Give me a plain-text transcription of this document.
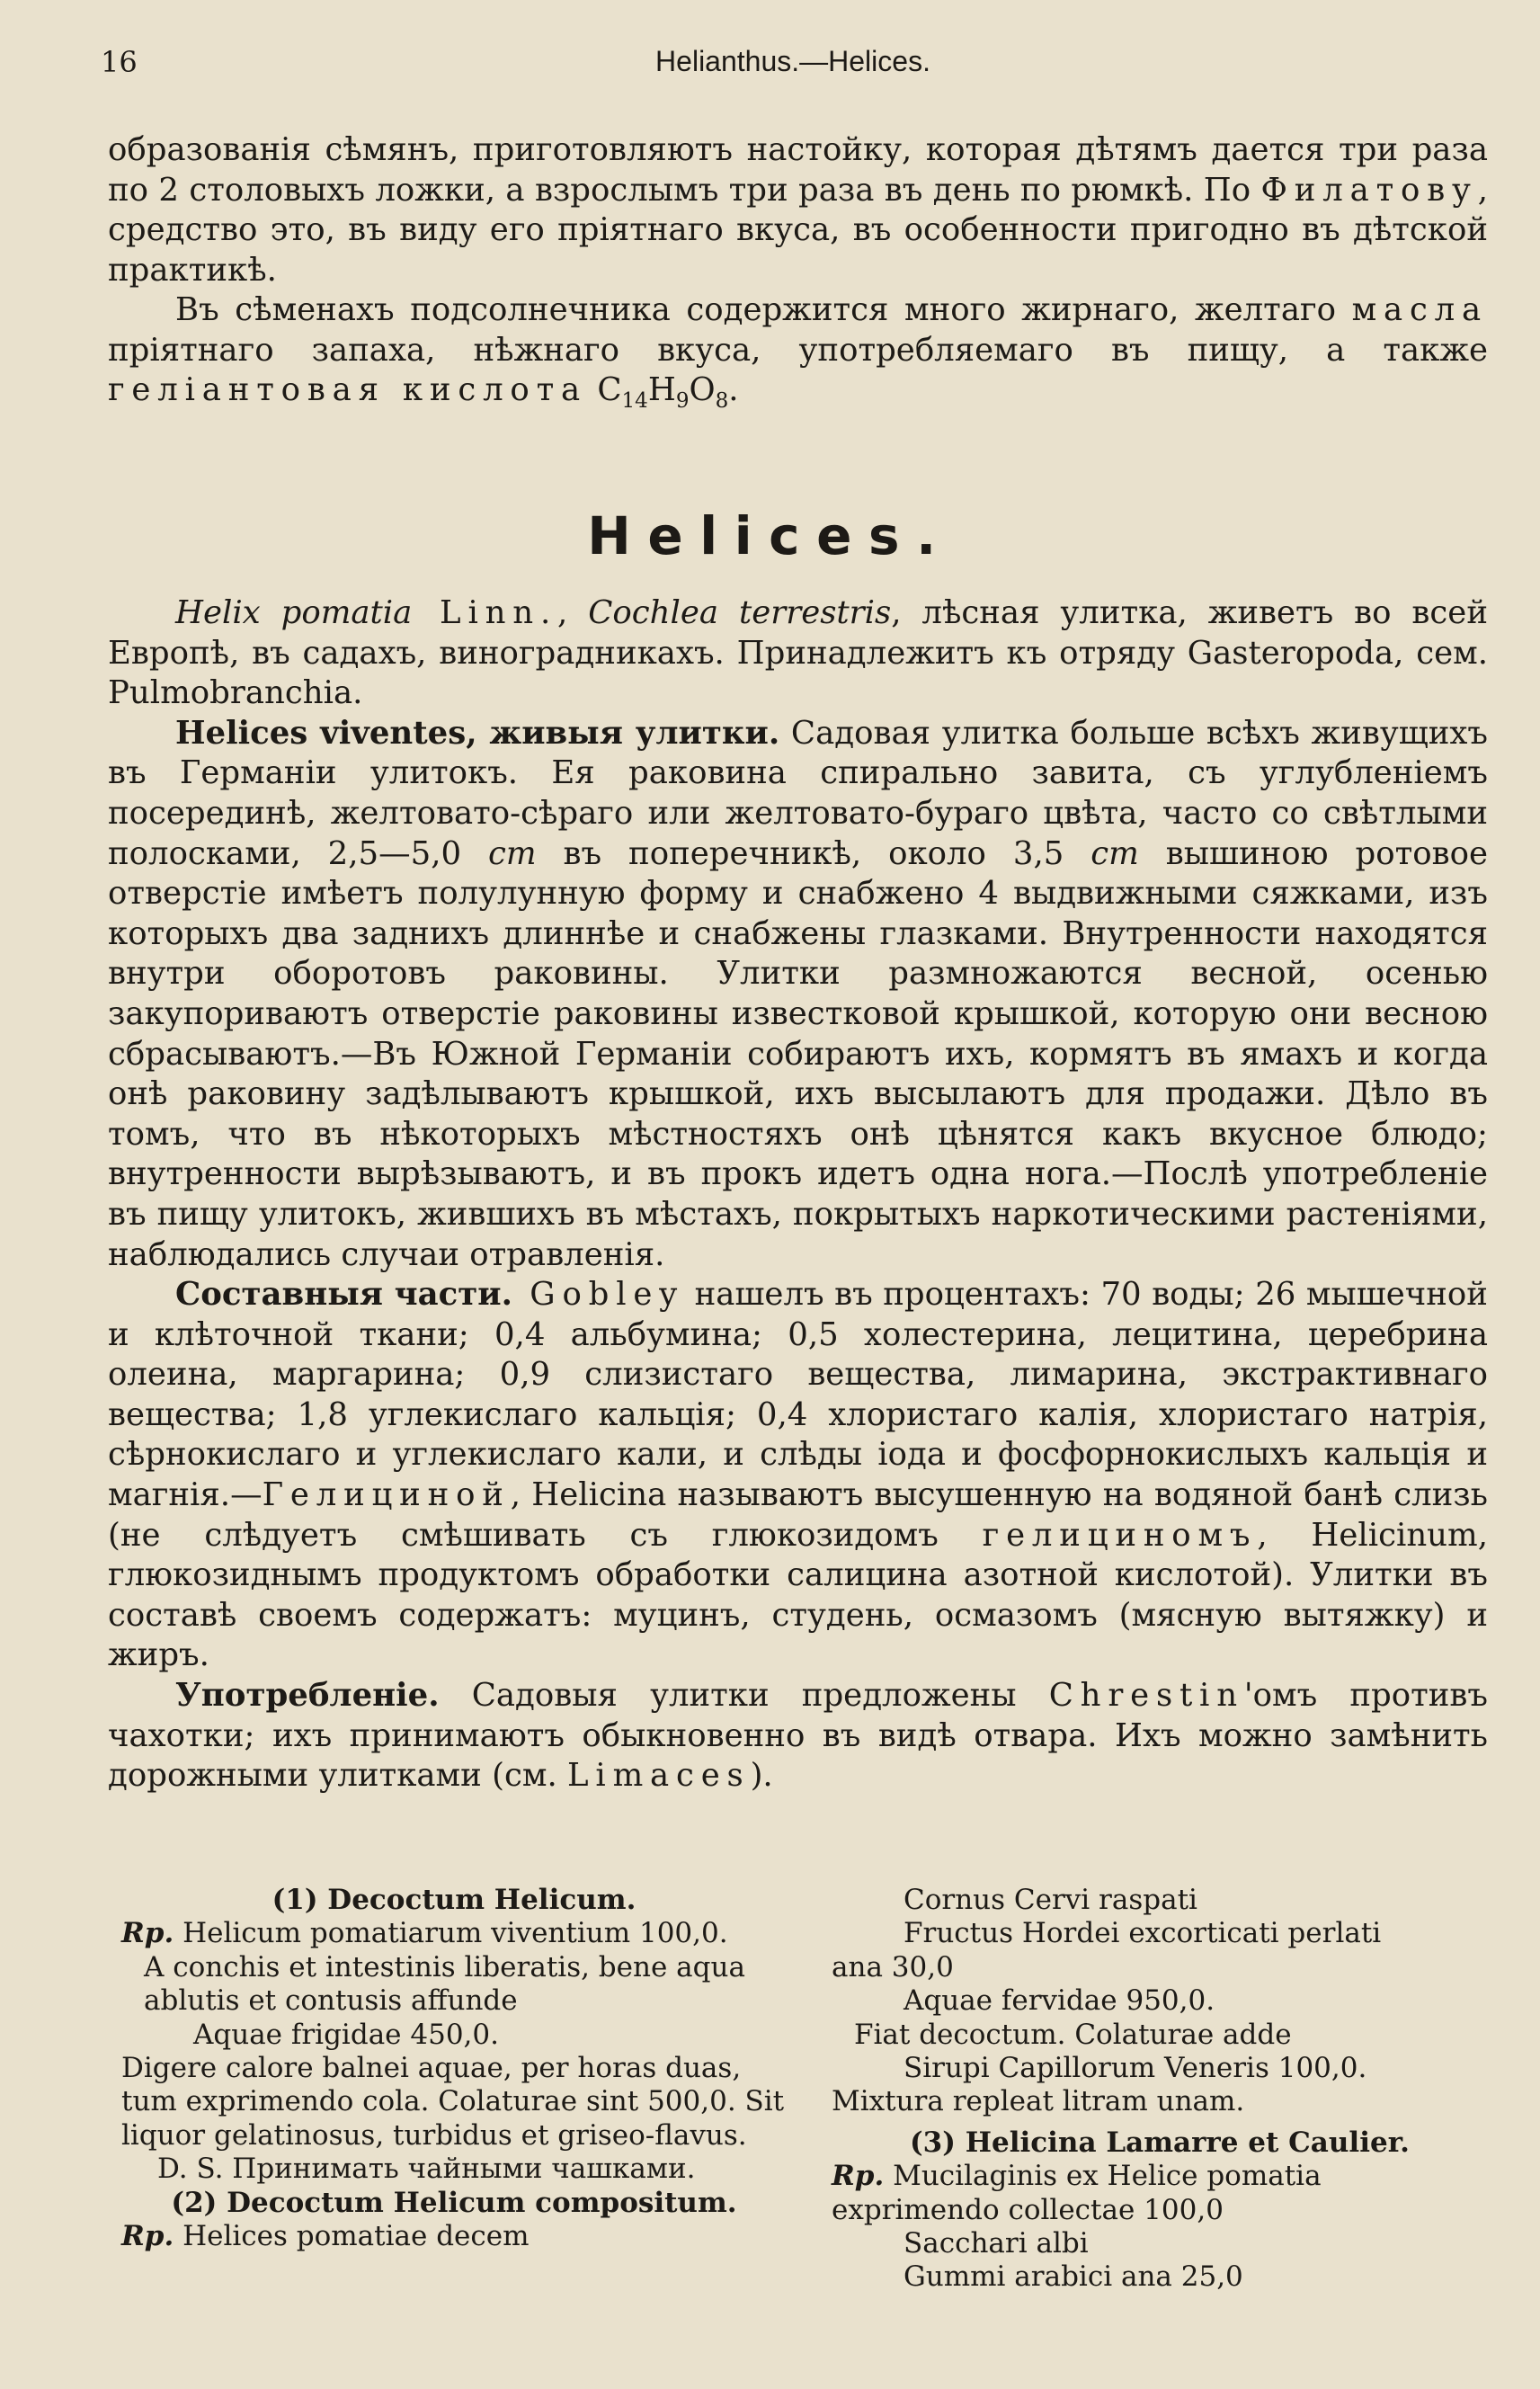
16	Helianthus.—Helices.

образованія сѣмянъ, приготовляютъ настойку, которая дѣтямъ дается три раза по 2 столовыхъ ложки, а взрослымъ три раза въ день по рюмкѣ. По Филатову, средство это, въ виду его пріятнаго вкуса, въ особенности пригодно въ дѣтской практикѣ.

Въ сѣменахъ подсолнечника содержится много жирнаго, желтаго масла пріятнаго запаха, нѣжнаго вкуса, употребляемаго въ пищу, а также геліантовая кислота $C_{14}H_9O_8$.

Helices.

Helix pomatia Linn., Cochlea terrestris, лѣсная улитка, живетъ во всей Европѣ, въ садахъ, виноградникахъ. Принадлежитъ къ отряду Gasteropoda, сем. Pulmobranchia.

Helices viventes, живыя улитки. Садовая улитка больше всѣхъ живущихъ въ Германіи улитокъ. Ея раковина спирально завита, съ углубленіемъ посерединѣ, желтовато-сѣраго или желтовато-бураго цвѣта, часто со свѣтлыми полосками, 2,5—5,0 cm въ поперечникѣ, около 3,5 cm вышиною ротовое отверстіе имѣетъ полулунную форму и снабжено 4 выдвижными сяжками, изъ которыхъ два заднихъ длиннѣе и снабжены глазками. Внутренности находятся внутри оборотовъ раковины. Улитки размножаются весной, осенью закупориваютъ отверстіе раковины известковой крышкой, которую они весною сбрасываютъ.—Въ Южной Германіи собираютъ ихъ, кормятъ въ ямахъ и когда онѣ раковину задѣлываютъ крышкой, ихъ высылаютъ для продажи. Дѣло въ томъ, что въ нѣкоторыхъ мѣстностяхъ онѣ цѣнятся какъ вкусное блюдо; внутренности вырѣзываютъ, и въ прокъ идетъ одна нога.—Послѣ употребленіе въ пищу улитокъ, жившихъ въ мѣстахъ, покрытыхъ наркотическими растеніями, наблюдались случаи отравленія.

Составныя части. Gobley нашелъ въ процентахъ: 70 воды; 26 мышечной и клѣточной ткани; 0,4 альбумина; 0,5 холестерина, лецитина, церебрина олеина, маргарина; 0,9 слизистаго вещества, лимарина, экстрактивнаго вещества; 1,8 углекислаго кальція; 0,4 хлористаго калія, хлористаго натрія, сѣрнокислаго и углекислаго кали, и слѣды іода и фосфорнокислыхъ кальція и магнія.—Гелициной, Helicina называютъ высушенную на водяной банѣ слизь (не слѣдуетъ смѣшивать съ глюкозидомъ гелициномъ, Helicinum, глюкозиднымъ продуктомъ обработки салицина азотной кислотой). Улитки въ составѣ своемъ содержатъ: муцинъ, студень, осмазомъ (мясную вытяжку) и жиръ.

Употребленіе. Садовыя улитки предложены Chrestin'омъ противъ чахотки; ихъ принимаютъ обыкновенно въ видѣ отвара. Ихъ можно замѣнить дорожными улитками (см. Limaces).

(1) Decoctum Helicum.
Rp. Helicum pomatiarum viventium 100,0.
A conchis et intestinis liberatis, bene aqua ablutis et contusis affunde
Aquae frigidae 450,0.
Digere calore balnei aquae, per horas duas, tum exprimendo cola. Colaturae sint 500,0. Sit liquor gelatinosus, turbidus et griseo-flavus.
D. S. Принимать чайными чашками.
(2) Decoctum Helicum compositum.
Rp. Helices pomatiae decem
Cornus Cervi raspati
Fructus Hordei excorticati perlati
ana 30,0
Aquae fervidae 950,0.
Fiat decoctum. Colaturae adde
Sirupi Capillorum Veneris 100,0.
Mixtura repleat litram unam.
(3) Helicina Lamarre et Caulier.
Rp. Mucilaginis ex Helice pomatia exprimendo collectae 100,0
Sacchari albi
Gummi arabici ana 25,0
